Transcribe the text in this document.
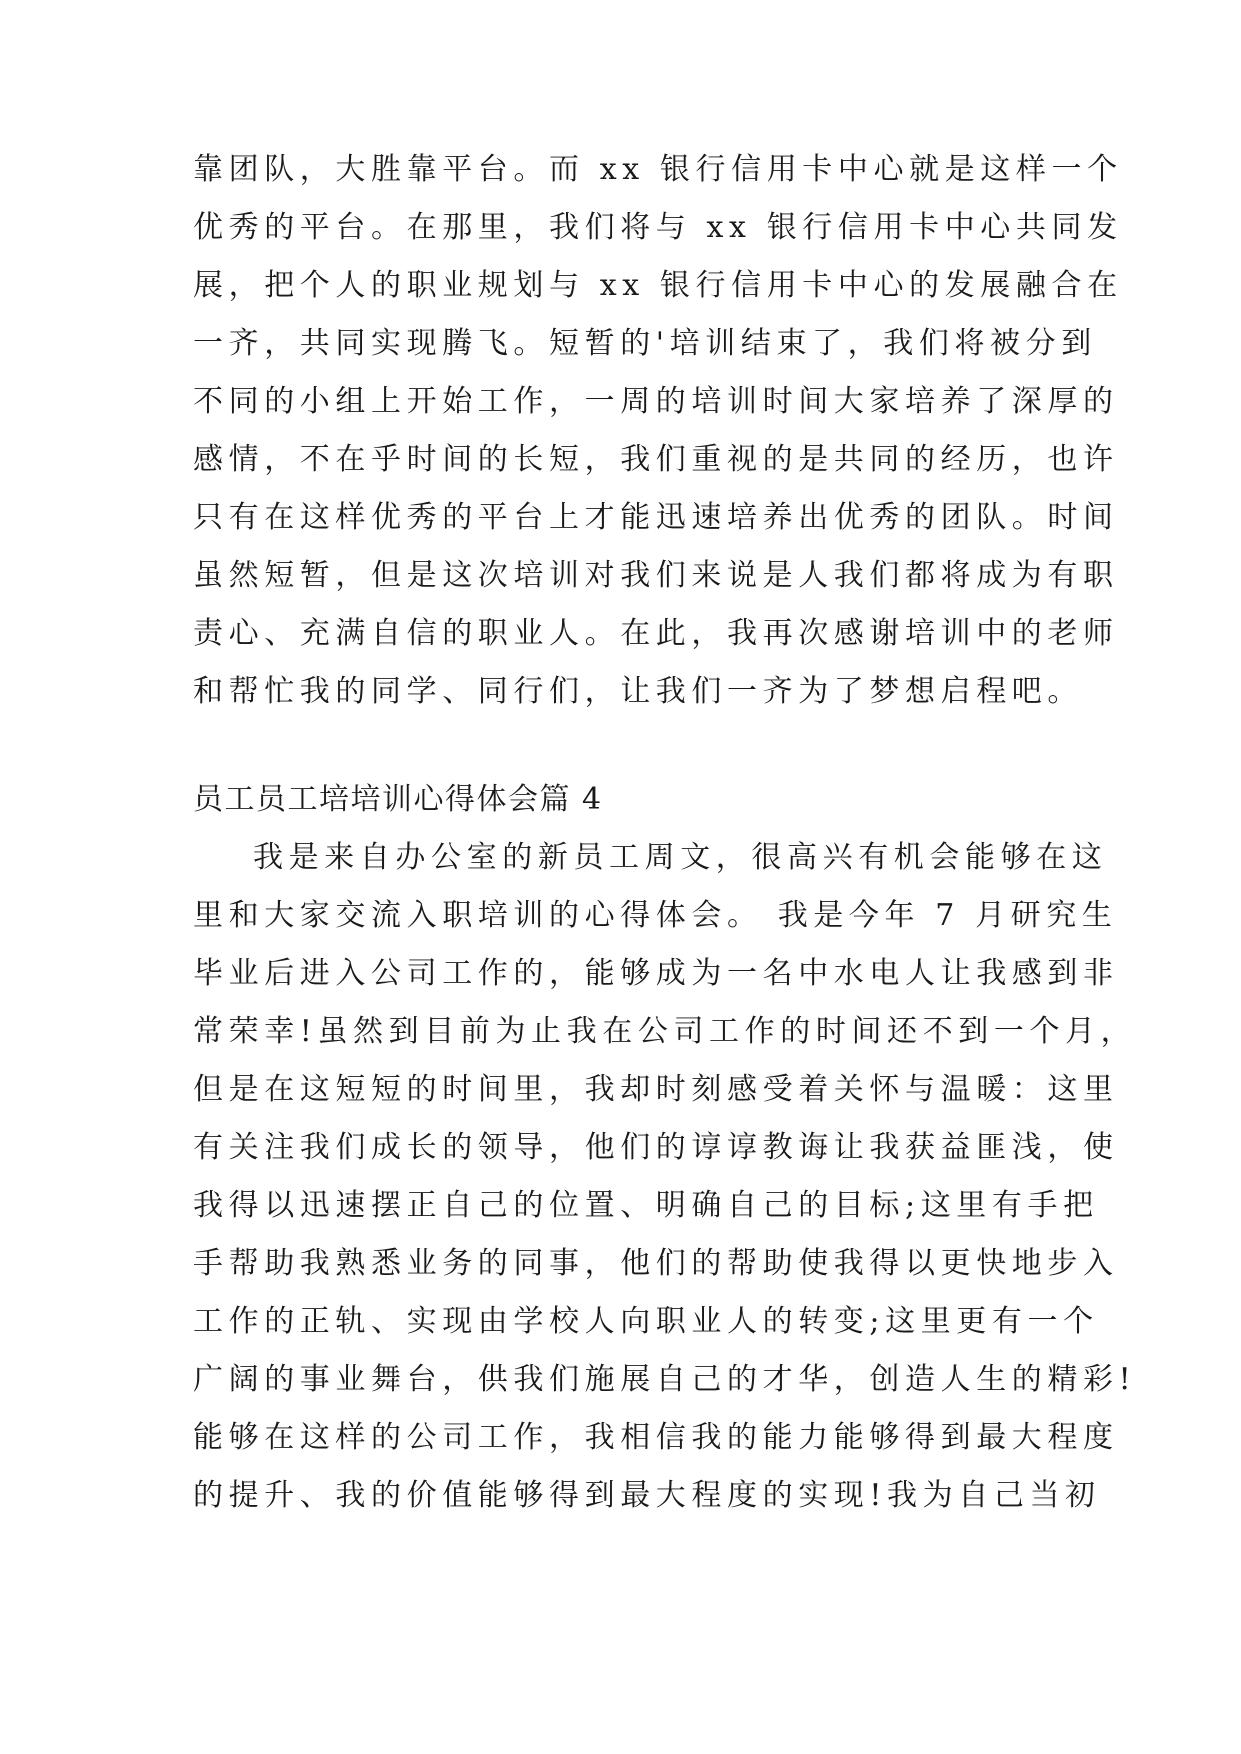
靠团队，大胜靠平台。而 xx 银行信用卡中心就是这样一个
优秀的平台。在那里，我们将与 xx 银行信用卡中心共同发
展，把个人的职业规划与 xx 银行信用卡中心的发展融合在
一齐，共同实现腾飞。短暂的'培训结束了，我们将被分到
不同的小组上开始工作，一周的培训时间大家培养了深厚的
感情，不在乎时间的长短，我们重视的是共同的经历，也许
只有在这样优秀的平台上才能迅速培养出优秀的团队。时间
虽然短暂，但是这次培训对我们来说是人我们都将成为有职
责心、充满自信的职业人。在此，我再次感谢培训中的老师
和帮忙我的同学、同行们，让我们一齐为了梦想启程吧。
员工员工培培训心得体会篇 4
我是来自办公室的新员工周文，很高兴有机会能够在这
里和大家交流入职培训的心得体会。 我是今年 7 月研究生
毕业后进入公司工作的，能够成为一名中水电人让我感到非
常荣幸!虽然到目前为止我在公司工作的时间还不到一个月，
但是在这短短的时间里，我却时刻感受着关怀与温暖：这里
有关注我们成长的领导，他们的谆谆教诲让我获益匪浅，使
我得以迅速摆正自己的位置、明确自己的目标;这里有手把
手帮助我熟悉业务的同事，他们的帮助使我得以更快地步入
工作的正轨、实现由学校人向职业人的转变;这里更有一个
广阔的事业舞台，供我们施展自己的才华，创造人生的精彩!
能够在这样的公司工作，我相信我的能力能够得到最大程度
的提升、我的价值能够得到最大程度的实现!我为自己当初
